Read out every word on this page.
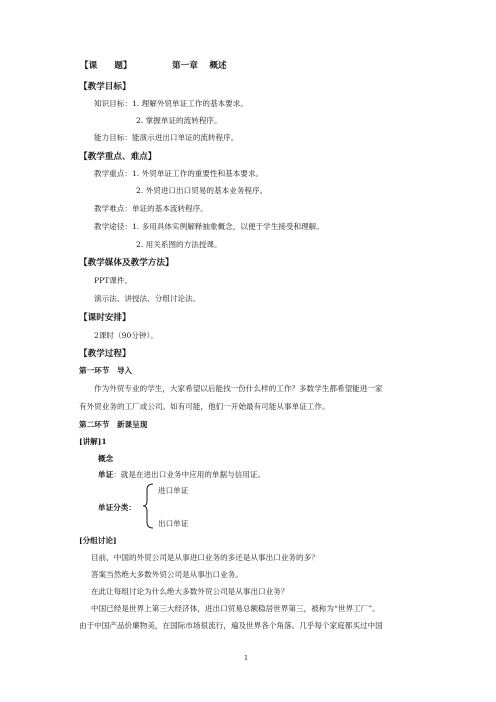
【课　　题】	第一章　 概述
【教学目标】
知识目标：1. 理解外贸单证工作的基本要求。
2. 掌握单证的流转程序。
能力目标：能演示进出口单证的流转程序。
【教学重点、难点】
教学重点：1. 外贸单证工作的重要性和基本要求。
2. 外贸进口出口贸易的基本业务程序。
教学难点：单证的基本流转程序。
教学途径：1. 多用具体实例解释抽象概念，以便于学生接受和理解。
2. 用关系图的方法授课。
【教学媒体及教学方法】
PPT课件。
演示法、讲授法、分组讨论法。
【课时安排】
2课时（90分钟）。
【教学过程】
第一环节　导入
作为外贸专业的学生，大家希望以后能找一份什么样的工作？多数学生都希望能进一家
有外贸业务的工厂或公司。如有可能，他们一开始最有可能从事单证工作。
第二环节　新课呈现
[讲解]1
概念
单证：就是在进出口业务中应用的单据与信用证。
进口单证
单证分类：
出口单证
[分组讨论]
目前，中国的外贸公司是从事进口业务的多还是从事出口业务的多？
答案当然绝大多数外贸公司是从事出口业务。
在此让每组讨论为什么绝大多数外贸公司是从事出口业务？
中国已经是世界上第三大经济体，进出口贸易总额稳居世界第三，被称为“世界工厂”。
由于中国产品价廉物美，在国际市场很流行，遍及世界各个角落。几乎每个家庭都买过中国
1
